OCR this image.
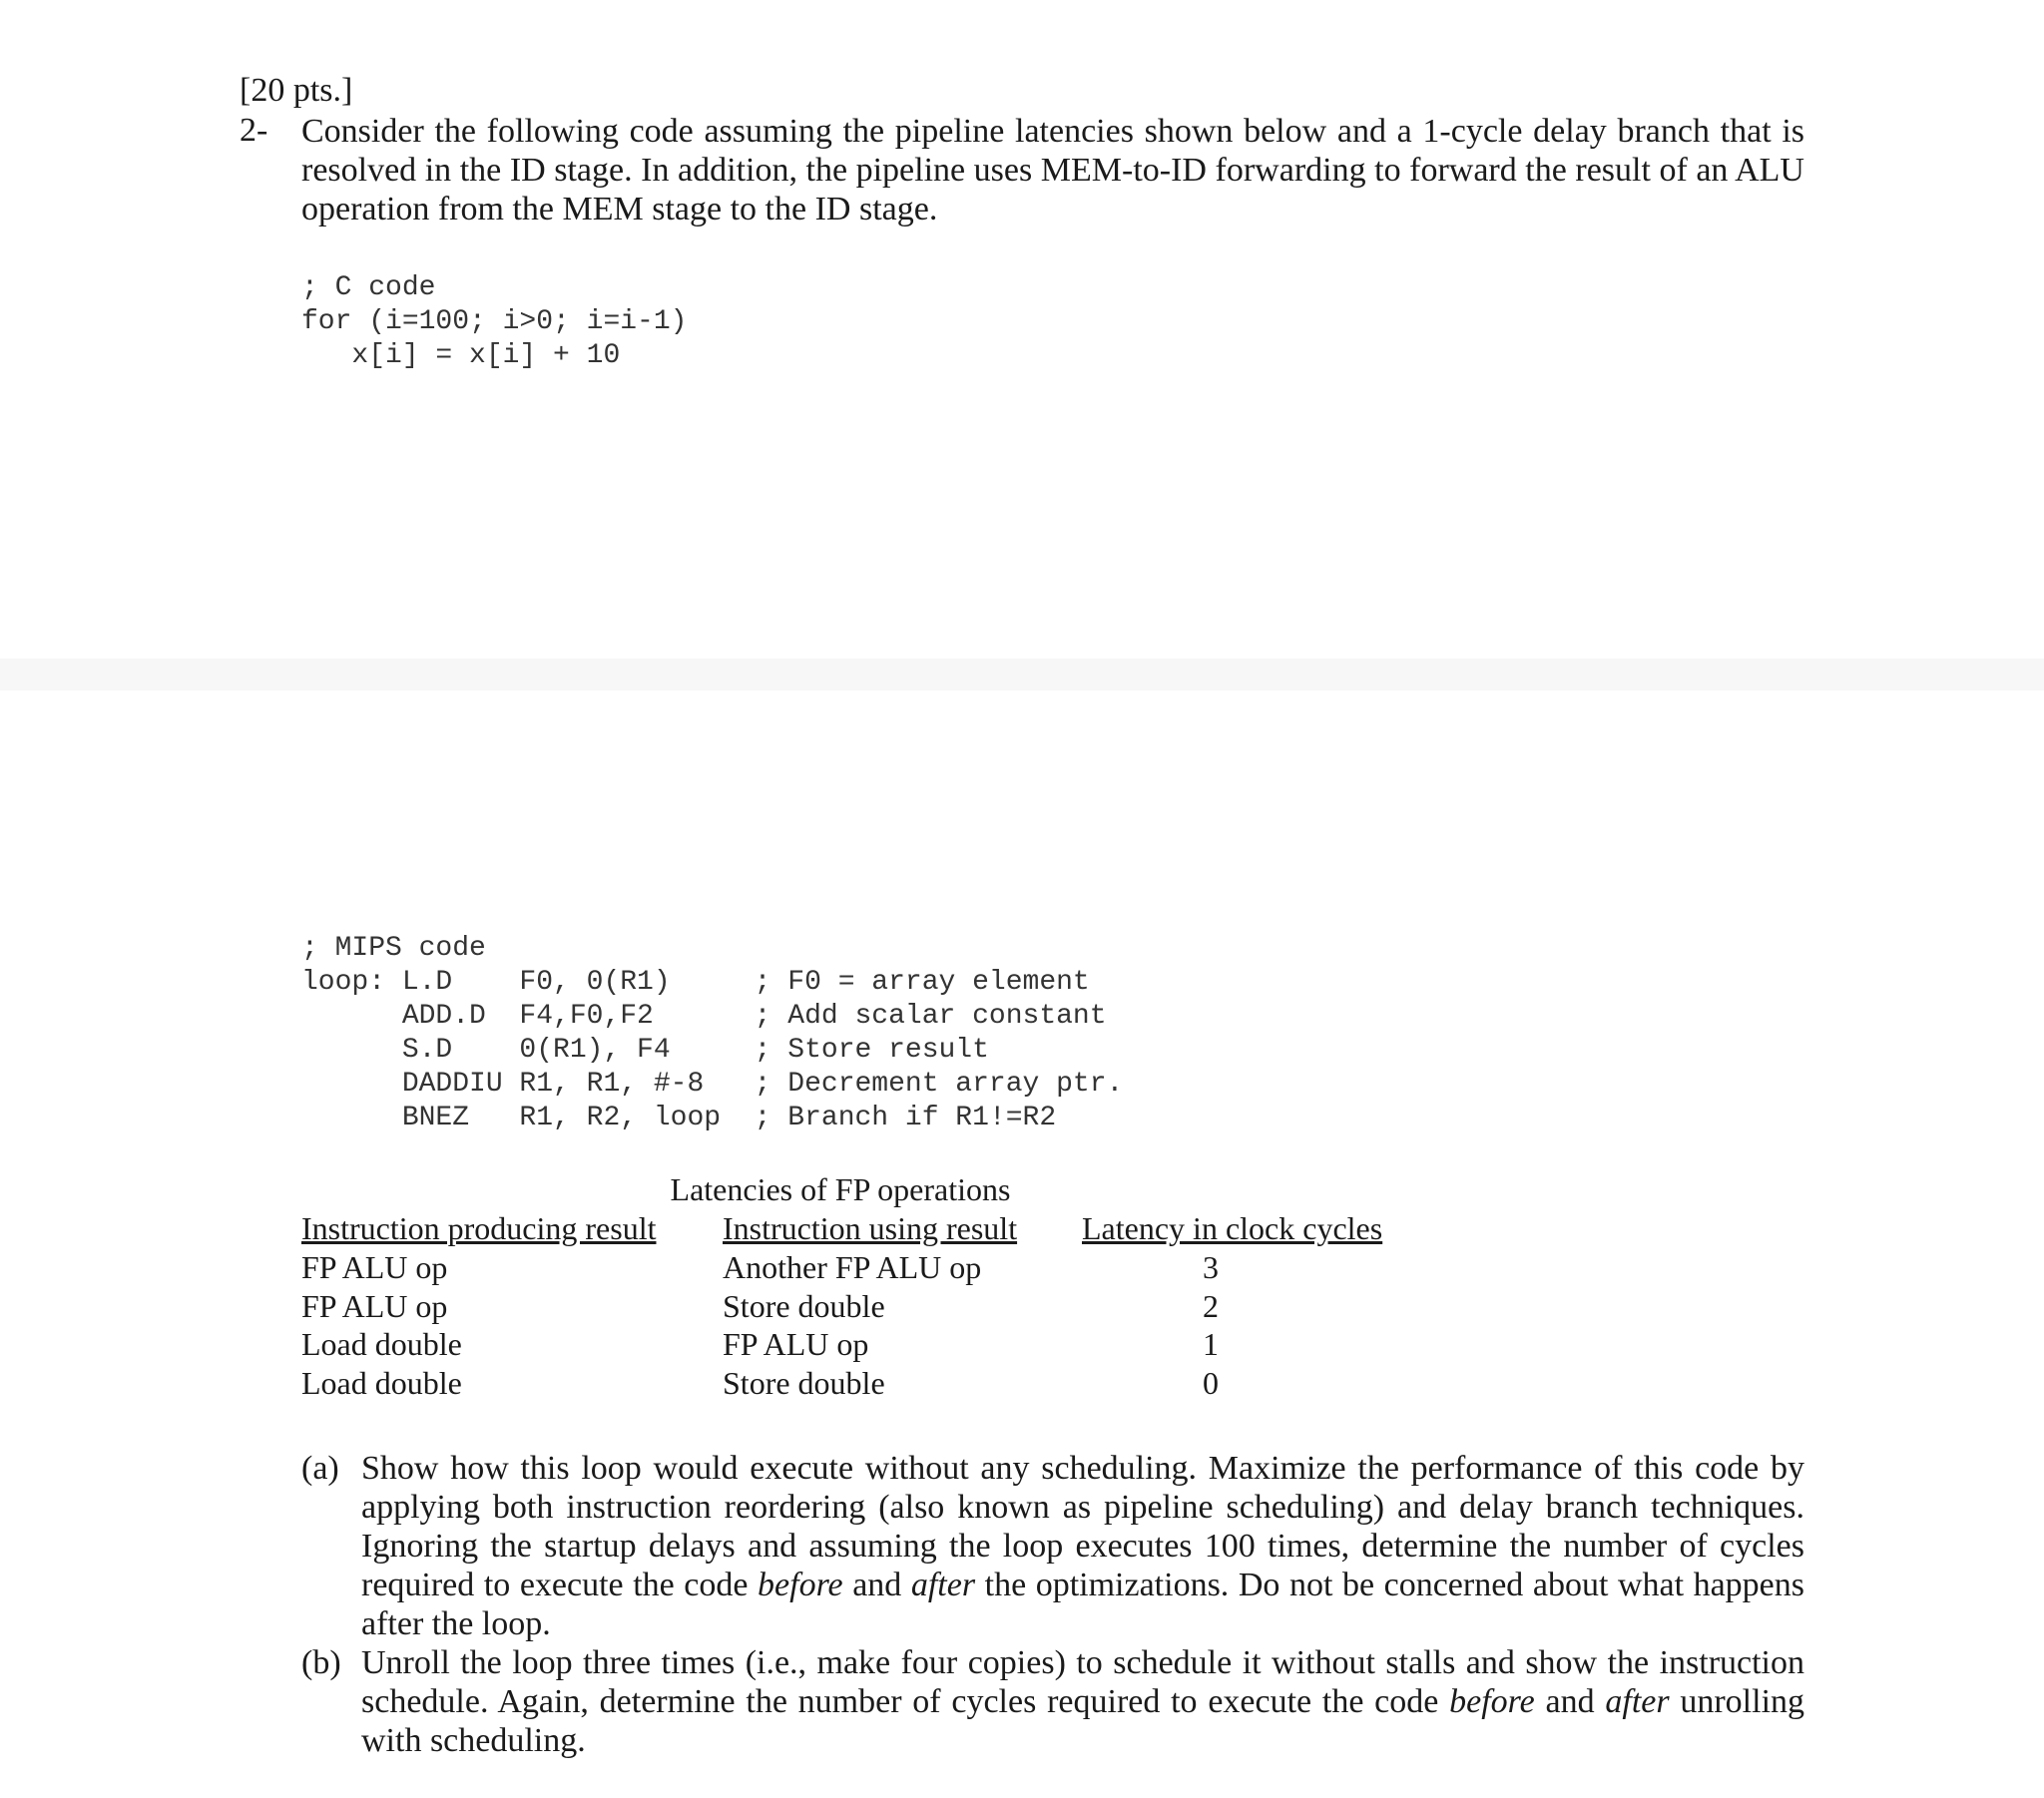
[20 pts.]
2- Consider the following code assuming the pipeline latencies shown below and a 1-cycle delay branch that is
resolved in the ID stage. In addition, the pipeline uses MEM-to-ID forwarding to forward the result of an ALU
operation from the MEM stage to the ID stage.
; C code
for (i=100; i>0; i=i-1)
x[i] = x[i] + 10
; MIPS code
loop: L.D    F0, 0(R1)     ; F0 = array element
ADD.D  F4,F0,F2      ; Add scalar constant
S.D    0(R1), F4     ; Store result
DADDIU R1, R1, #-8   ; Decrement array ptr.
BNEZ   R1, R2, loop  ; Branch if R1!=R2
Latencies of FP operations
Instruction producing result Instruction using result Latency in clock cycles
FP ALU op
FP ALU op
Load double
Load double
Another FP ALU op
Store double
FP ALU op
Store double
3
2
1
0
(a) Show how this loop would execute without any scheduling. Maximize the performance of this code by
applying both instruction reordering (also known as pipeline scheduling) and delay branch techniques.
Ignoring the startup delays and assuming the loop executes 100 times, determine the number of cycles
required to execute the code before and after the optimizations. Do not be concerned about what happens
after the loop.
(b) Unroll the loop three times (i.e., make four copies) to schedule it without stalls and show the instruction
schedule. Again, determine the number of cycles required to execute the code before and after unrolling
with scheduling.
